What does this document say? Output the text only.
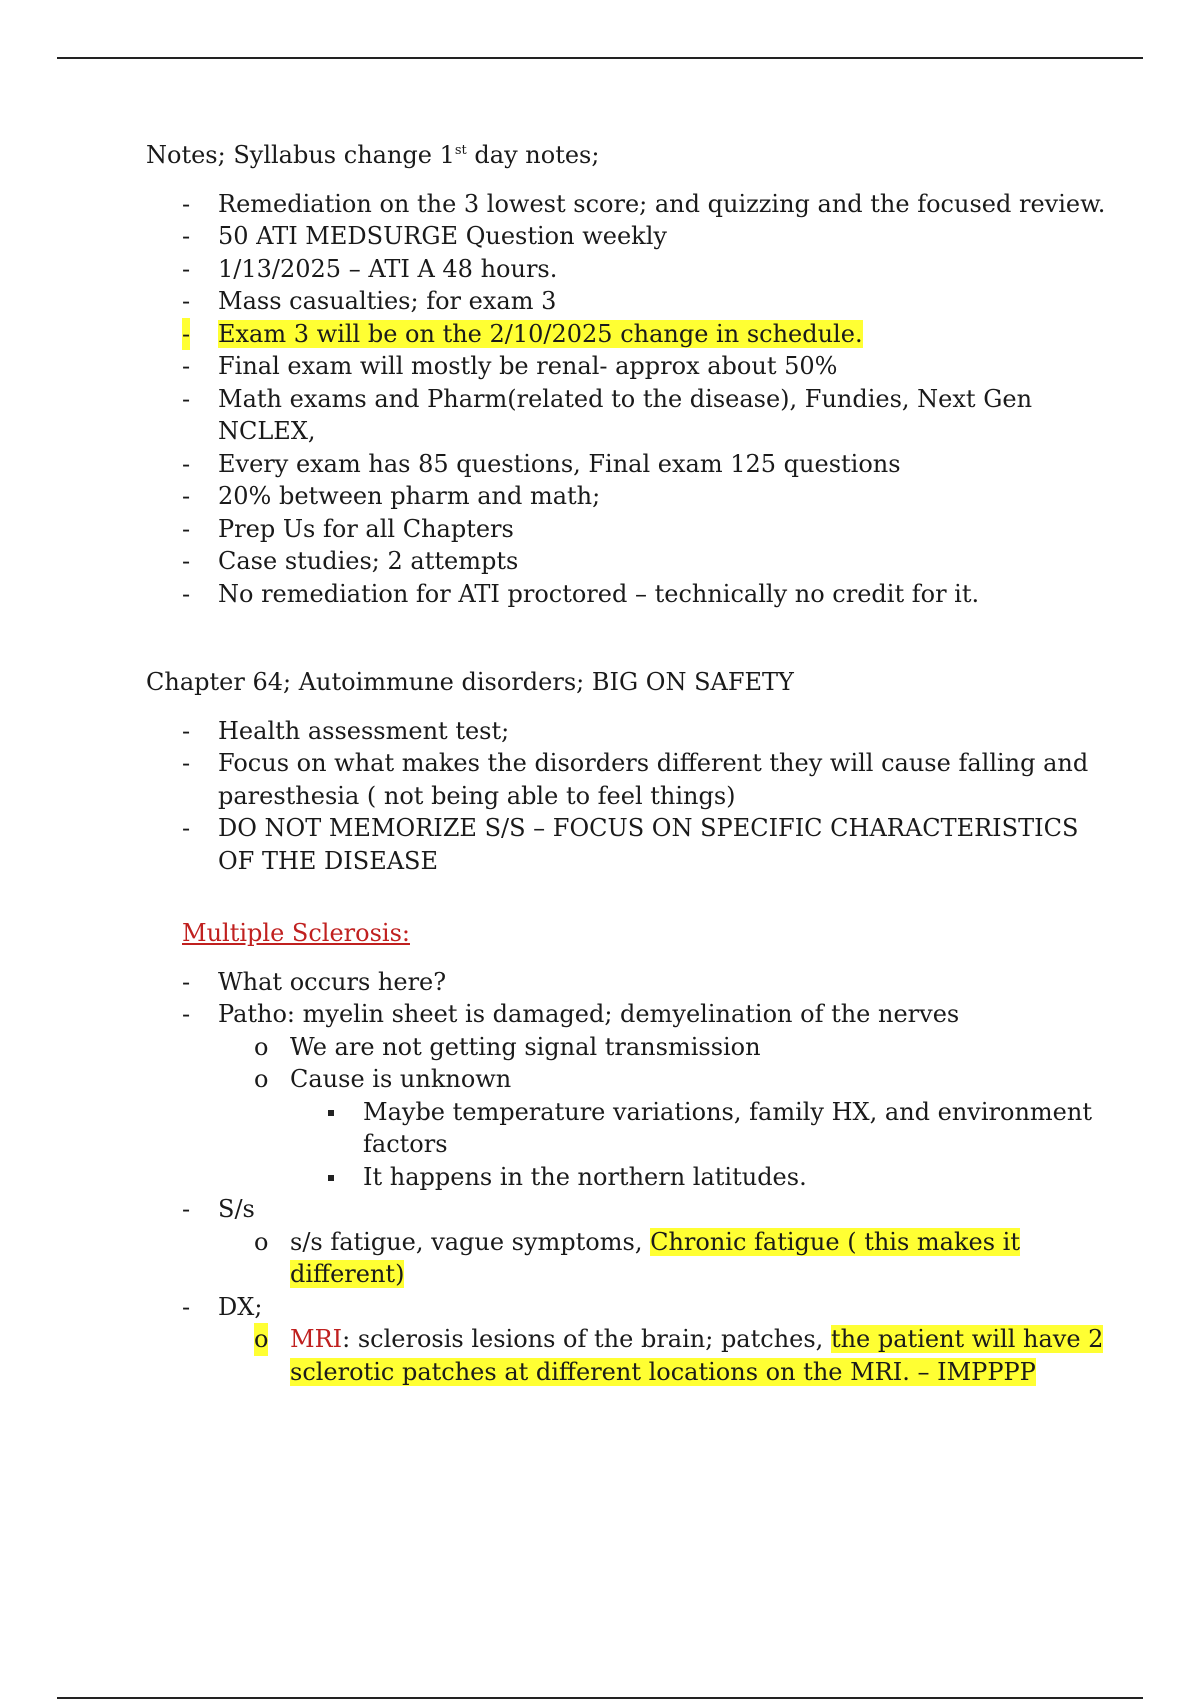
Notes; Syllabus change 1st day notes;

- Remediation on the 3 lowest score; and quizzing and the focused review.
- 50 ATI MEDSURGE Question weekly
- 1/13/2025 – ATI A 48 hours.
- Mass casualties; for exam 3
- Exam 3 will be on the 2/10/2025 change in schedule.
- Final exam will mostly be renal- approx about 50%
- Math exams and Pharm(related to the disease), Fundies, Next Gen NCLEX,
- Every exam has 85 questions, Final exam 125 questions
- 20% between pharm and math;
- Prep Us for all Chapters
- Case studies; 2 attempts
- No remediation for ATI proctored – technically no credit for it.

Chapter 64; Autoimmune disorders; BIG ON SAFETY

- Health assessment test;
- Focus on what makes the disorders different they will cause falling and paresthesia ( not being able to feel things)
- DO NOT MEMORIZE S/S – FOCUS ON SPECIFIC CHARACTERISTICS OF THE DISEASE

Multiple Sclerosis:

- What occurs here?
- Patho: myelin sheet is damaged; demyelination of the nerves
o We are not getting signal transmission
o Cause is unknown
Maybe temperature variations, family HX, and environment factors
It happens in the northern latitudes.
- S/s
o s/s fatigue, vague symptoms, Chronic fatigue ( this makes it different)
- DX;
o MRI: sclerosis lesions of the brain; patches, the patient will have 2 sclerotic patches at different locations on the MRI. – IMPPPP
